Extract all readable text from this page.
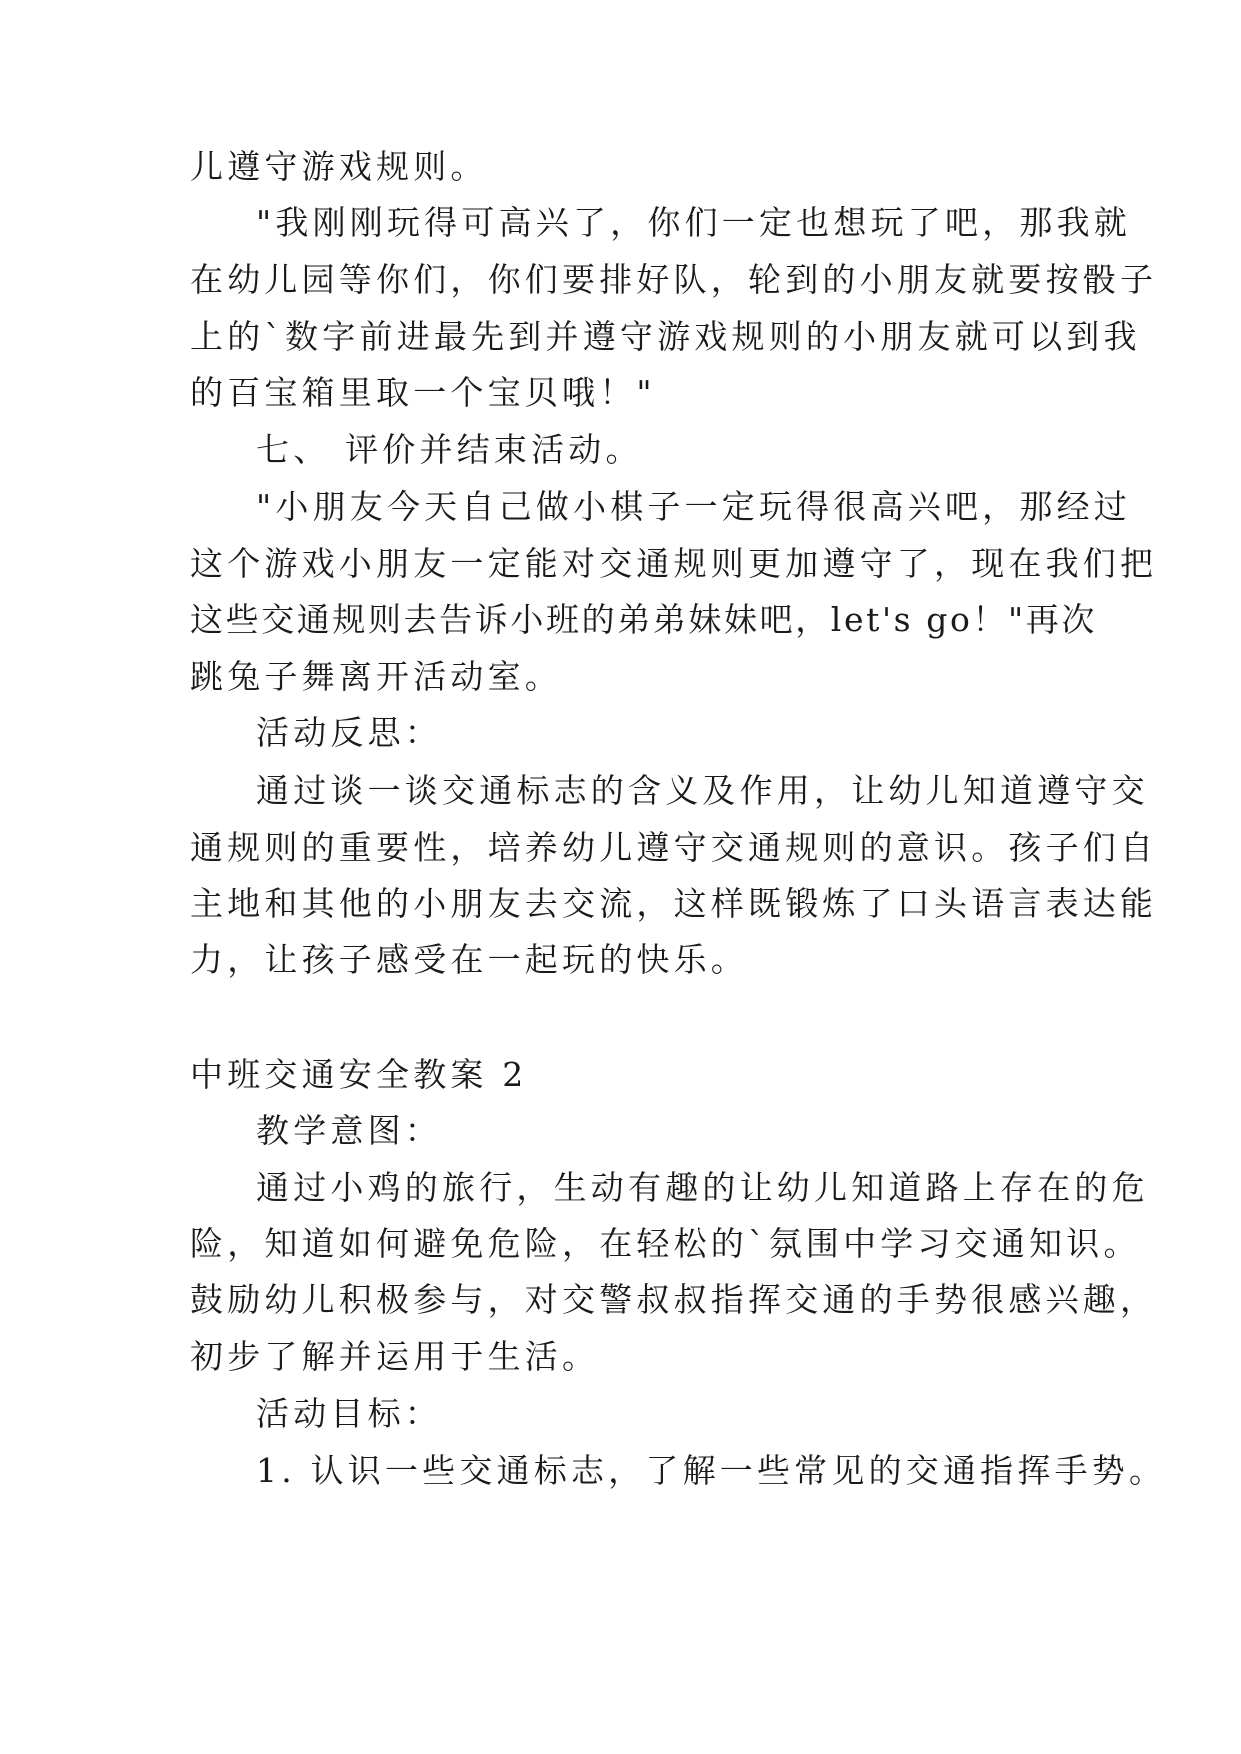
儿遵守游戏规则。
"我刚刚玩得可高兴了，你们一定也想玩了吧，那我就
在幼儿园等你们，你们要排好队，轮到的小朋友就要按骰子
上的`数字前进最先到并遵守游戏规则的小朋友就可以到我
的百宝箱里取一个宝贝哦！"
七、 评价并结束活动。
"小朋友今天自己做小棋子一定玩得很高兴吧，那经过
这个游戏小朋友一定能对交通规则更加遵守了，现在我们把
这些交通规则去告诉小班的弟弟妹妹吧，let's go！"再次
跳兔子舞离开活动室。
活动反思：
通过谈一谈交通标志的含义及作用，让幼儿知道遵守交
通规则的重要性，培养幼儿遵守交通规则的意识。孩子们自
主地和其他的小朋友去交流，这样既锻炼了口头语言表达能
力，让孩子感受在一起玩的快乐。
中班交通安全教案 2
教学意图：
通过小鸡的旅行，生动有趣的让幼儿知道路上存在的危
险，知道如何避免危险，在轻松的`氛围中学习交通知识。
鼓励幼儿积极参与，对交警叔叔指挥交通的手势很感兴趣，
初步了解并运用于生活。
活动目标：
1. 认识一些交通标志，了解一些常见的交通指挥手势。
